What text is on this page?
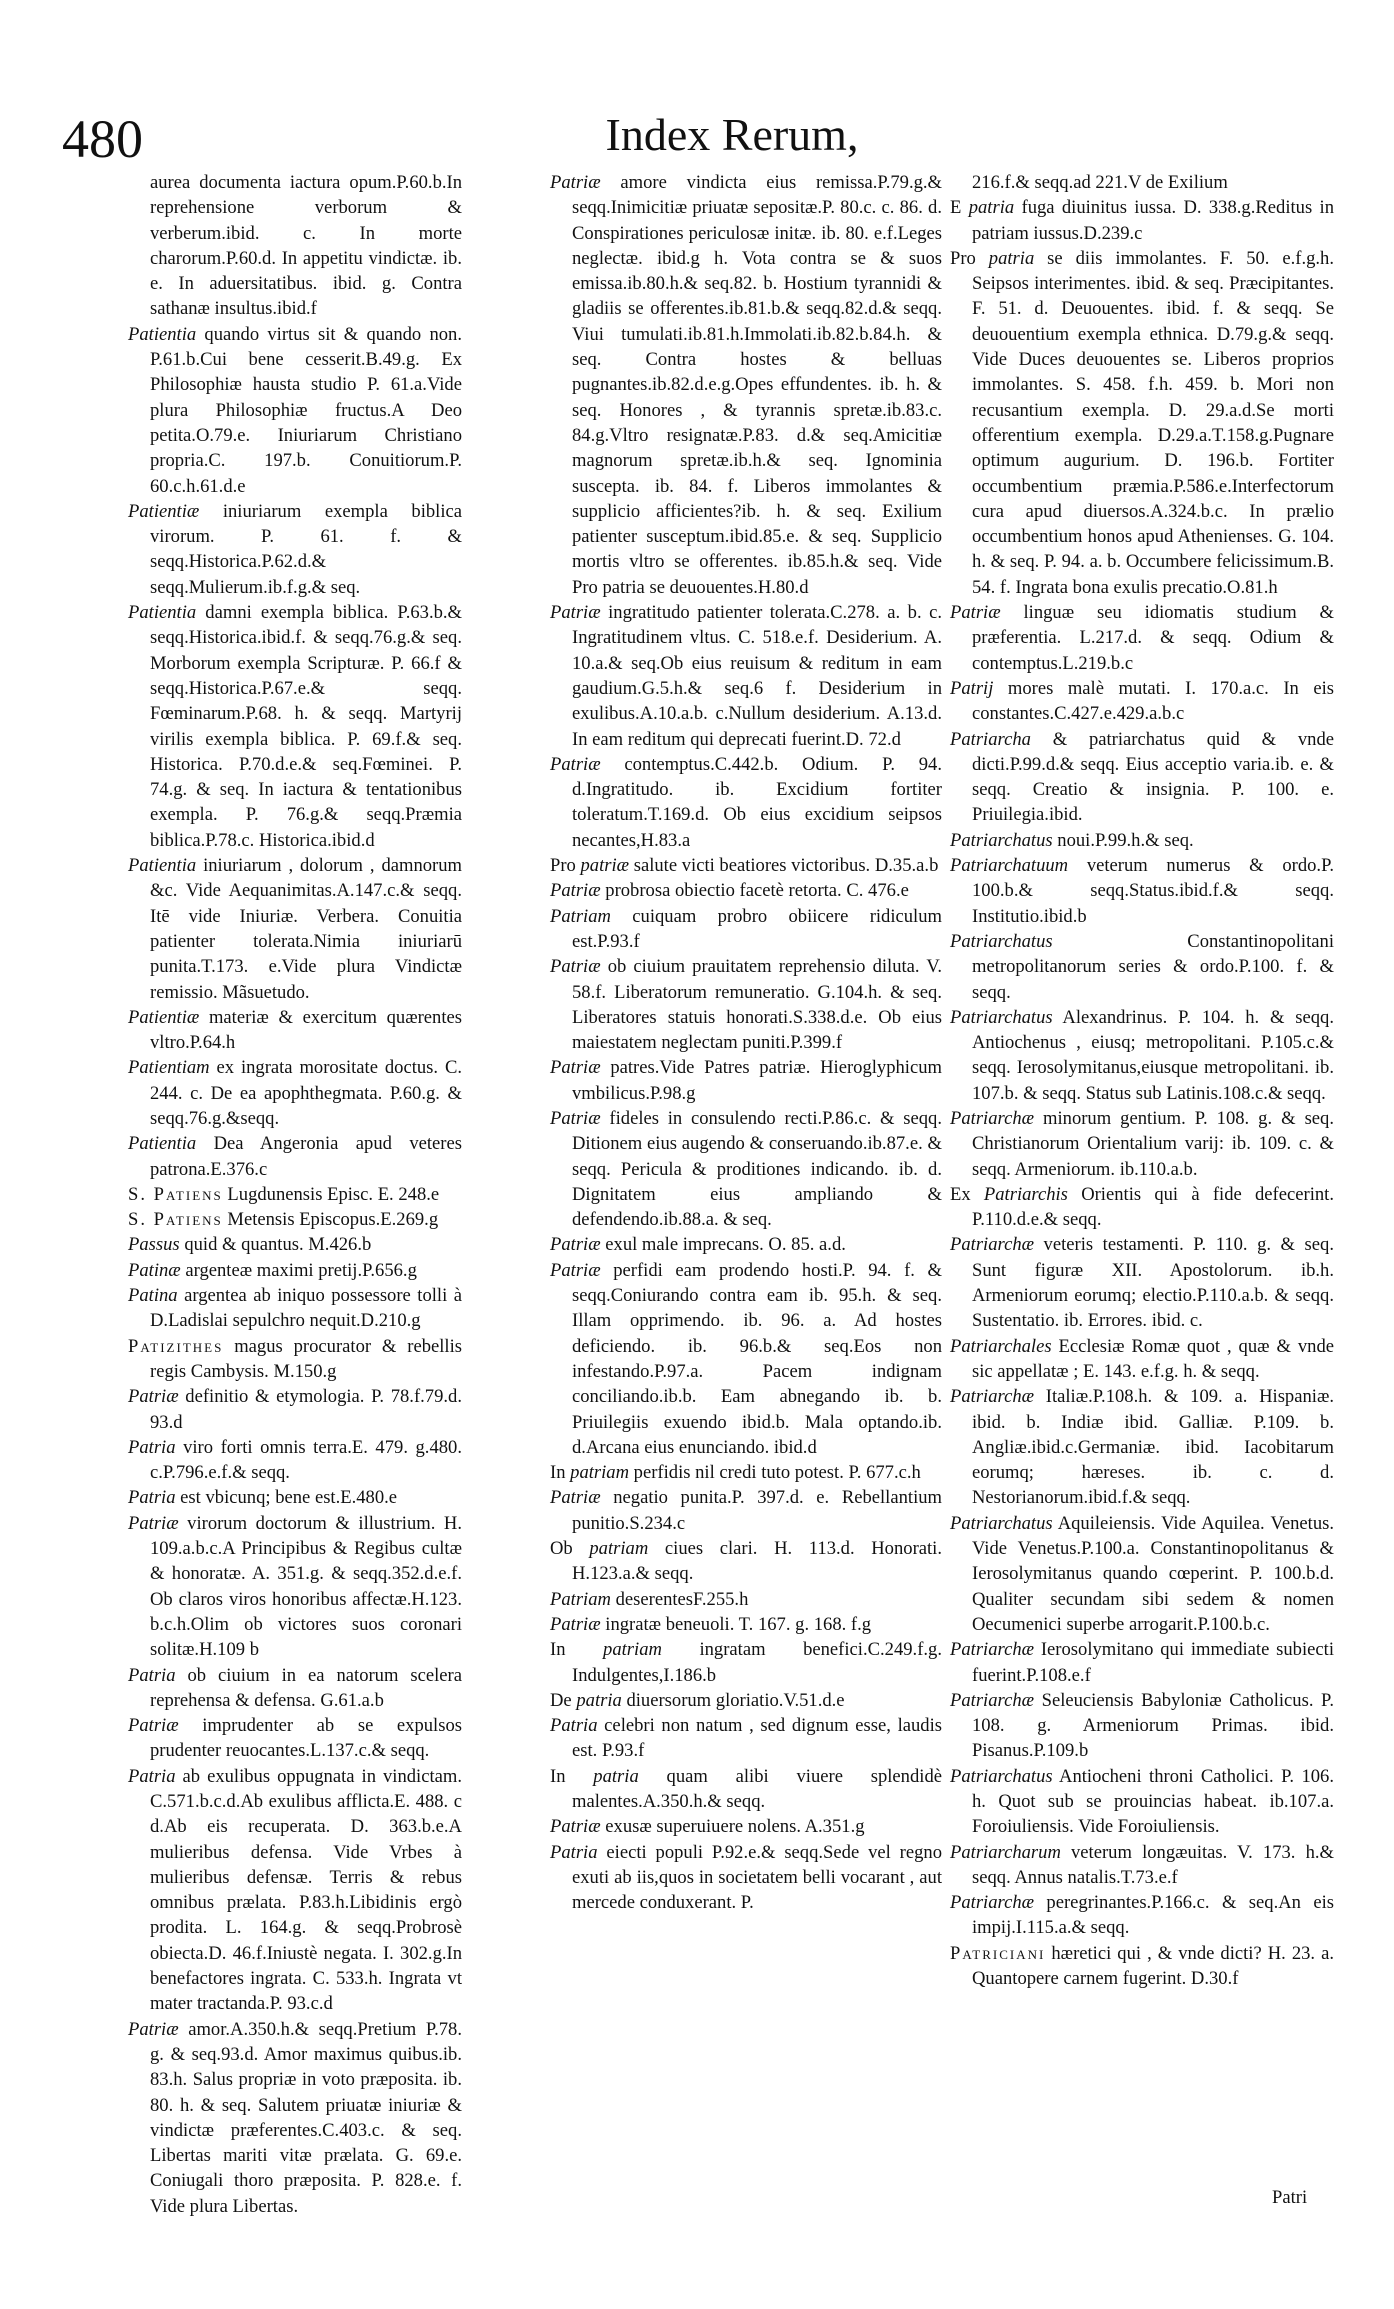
480	Index Rerum,

aurea documenta iactura opum.P.60.b.In reprehensione verborum & verberum.ibid. c. In morte charorum.P.60.d. In appetitu vindictæ. ib. e. In aduersitatibus. ibid. g. Contra sathanæ insultus.ibid.f

Patientia quando virtus sit & quando non. P.61.b.Cui bene cesserit.B.49.g. Ex Philosophiæ hausta studio P. 61.a.Vide plura Philosophiæ fructus.A Deo petita.O.79.e. Iniuriarum Christiano propria.C. 197.b. Conuitiorum.P. 60.c.h.61.d.e

Patientiæ iniuriarum exempla biblica virorum. P. 61. f. & seqq.Historica.P.62.d.& seqq.Mulierum.ib.f.g.& seq.

Patientia damni exempla biblica. P.63.b.& seqq.Historica.ibid.f. & seqq.76.g.& seq. Morborum exempla Scripturæ. P. 66.f & seqq.Historica.P.67.e.& seqq. Fœminarum.P.68. h. & seqq. Martyrij virilis exempla biblica. P. 69.f.& seq. Historica. P.70.d.e.& seq.Fœminei. P. 74.g. & seq. In iactura & tentationibus exempla. P. 76.g.& seqq.Præmia biblica.P.78.c. Historica.ibid.d

Patientia iniuriarum , dolorum , damnorum &c. Vide Aequanimitas.A.147.c.& seqq. Itē vide Iniuriæ. Verbera. Conuitia patienter tolerata.Nimia iniuriarū punita.T.173. e.Vide plura Vindictæ remissio. Mãsuetudo.

Patientiæ materiæ & exercitum quærentes vltro.P.64.h

Patientiam ex ingrata morositate doctus. C. 244. c. De ea apophthegmata. P.60.g. & seqq.76.g.&seqq.

Patientia Dea Angeronia apud veteres patrona.E.376.c

S. Patiens Lugdunensis Episc. E. 248.e

S. Patiens Metensis Episcopus.E.269.g

Passus quid & quantus. M.426.b

Patinæ argenteæ maximi pretij.P.656.g

Patina argentea ab iniquo possessore tolli à D.Ladislai sepulchro nequit.D.210.g

Patizithes magus procurator & rebellis regis Cambysis. M.150.g

Patriæ definitio & etymologia. P. 78.f.79.d. 93.d

Patria viro forti omnis terra.E. 479. g.480. c.P.796.e.f.& seqq.

Patria est vbicunq; bene est.E.480.e

Patriæ virorum doctorum & illustrium. H. 109.a.b.c.A Principibus & Regibus cultæ & honoratæ. A. 351.g. & seqq.352.d.e.f. Ob claros viros honoribus affectæ.H.123. b.c.h.Olim ob victores suos coronari solitæ.H.109 b

Patria ob ciuium in ea natorum scelera reprehensa & defensa. G.61.a.b

Patriæ imprudenter ab se expulsos prudenter reuocantes.L.137.c.& seqq.

Patria ab exulibus oppugnata in vindictam. C.571.b.c.d.Ab exulibus afflicta.E. 488. c d.Ab eis recuperata. D. 363.b.e.A mulieribus defensa. Vide Vrbes à mulieribus defensæ. Terris & rebus omnibus prælata. P.83.h.Libidinis ergò prodita. L. 164.g. & seqq.Probrosè obiecta.D. 46.f.Iniustè negata. I. 302.g.In benefactores ingrata. C. 533.h. Ingrata vt mater tractanda.P. 93.c.d

Patriæ amor.A.350.h.& seqq.Pretium P.78. g. & seq.93.d. Amor maximus quibus.ib. 83.h. Salus propriæ in voto præposita. ib. 80. h. & seq. Salutem priuatæ iniuriæ & vindictæ præferentes.C.403.c. & seq. Libertas mariti vitæ prælata. G. 69.e. Coniugali thoro præposita. P. 828.e. f. Vide plura Libertas.

Patriæ amore vindicta eius remissa.P.79.g.& seqq.Inimicitiæ priuatæ sepositæ.P. 80.c. c. 86. d. Conspirationes periculosæ initæ. ib. 80. e.f.Leges neglectæ. ibid.g h. Vota contra se & suos emissa.ib.80.h.& seq.82. b. Hostium tyrannidi & gladiis se offerentes.ib.81.b.& seqq.82.d.& seqq. Viui tumulati.ib.81.h.Immolati.ib.82.b.84.h. & seq. Contra hostes & belluas pugnantes.ib.82.d.e.g.Opes effundentes. ib. h. & seq. Honores , & tyrannis spretæ.ib.83.c. 84.g.Vltro resignatæ.P.83. d.& seq.Amicitiæ magnorum spretæ.ib.h.& seq. Ignominia suscepta. ib. 84. f. Liberos immolantes & supplicio afficientes?ib. h. & seq. Exilium patienter susceptum.ibid.85.e. & seq. Supplicio mortis vltro se offerentes. ib.85.h.& seq. Vide Pro patria se deuouentes.H.80.d

Patriæ ingratitudo patienter tolerata.C.278. a. b. c. Ingratitudinem vltus. C. 518.e.f. Desiderium. A. 10.a.& seq.Ob eius reuisum & reditum in eam gaudium.G.5.h.& seq.6 f. Desiderium in exulibus.A.10.a.b. c.Nullum desiderium. A.13.d. In eam reditum qui deprecati fuerint.D. 72.d

Patriæ contemptus.C.442.b. Odium. P. 94. d.Ingratitudo. ib. Excidium fortiter toleratum.T.169.d. Ob eius excidium seipsos necantes,H.83.a

Pro patriæ salute victi beatiores victoribus. D.35.a.b

Patriæ probrosa obiectio facetè retorta. C. 476.e

Patriam cuiquam probro obiicere ridiculum est.P.93.f

Patriæ ob ciuium prauitatem reprehensio diluta. V. 58.f. Liberatorum remuneratio. G.104.h. & seq. Liberatores statuis honorati.S.338.d.e. Ob eius maiestatem neglectam puniti.P.399.f

Patriæ patres.Vide Patres patriæ. Hieroglyphicum vmbilicus.P.98.g

Patriæ fideles in consulendo recti.P.86.c. & seqq. Ditionem eius augendo & conseruando.ib.87.e. & seqq. Pericula & proditiones indicando. ib. d. Dignitatem eius ampliando & defendendo.ib.88.a. & seq.

Patriæ exul male imprecans. O. 85. a.d.

Patriæ perfidi eam prodendo hosti.P. 94. f. & seqq.Coniurando contra eam ib. 95.h. & seq. Illam opprimendo. ib. 96. a. Ad hostes deficiendo. ib. 96.b.& seq.Eos non infestando.P.97.a. Pacem indignam conciliando.ib.b. Eam abnegando ib. b. Priuilegiis exuendo ibid.b. Mala optando.ib. d.Arcana eius enunciando. ibid.d

In patriam perfidis nil credi tuto potest. P. 677.c.h

Patriæ negatio punita.P. 397.d. e. Rebellantium punitio.S.234.c

Ob patriam ciues clari. H. 113.d. Honorati. H.123.a.& seqq.

Patriam deserentesF.255.h

Patriæ ingratæ beneuoli. T. 167. g. 168. f.g

In patriam ingratam benefici.C.249.f.g. Indulgentes,I.186.b

De patria diuersorum gloriatio.V.51.d.e

Patria celebri non natum , sed dignum esse, laudis est. P.93.f

In patria quam alibi viuere splendidè malentes.A.350.h.& seqq.

Patriæ exusæ superuiuere nolens. A.351.g

Patria eiecti populi P.92.e.& seqq.Sede vel regno exuti ab iis,quos in societatem belli vocarant , aut mercede conduxerant. P.

216.f.& seqq.ad 221.V de Exilium

E patria fuga diuinitus iussa. D. 338.g.Reditus in patriam iussus.D.239.c

Pro patria se diis immolantes. F. 50. e.f.g.h. Seipsos interimentes. ibid. & seq. Præcipitantes. F. 51. d. Deuouentes. ibid. f. & seqq. Se deuouentium exempla ethnica. D.79.g.& seqq. Vide Duces deuouentes se. Liberos proprios immolantes. S. 458. f.h. 459. b. Mori non recusantium exempla. D. 29.a.d.Se morti offerentium exempla. D.29.a.T.158.g.Pugnare optimum augurium. D. 196.b. Fortiter occumbentium præmia.P.586.e.Interfectorum cura apud diuersos.A.324.b.c. In prælio occumbentium honos apud Athenienses. G. 104. h. & seq. P. 94. a. b. Occumbere felicissimum.B. 54. f. Ingrata bona exulis precatio.O.81.h

Patriæ linguæ seu idiomatis studium & præferentia. L.217.d. & seqq. Odium & contemptus.L.219.b.c

Patrij mores malè mutati. I. 170.a.c. In eis constantes.C.427.e.429.a.b.c

Patriarcha & patriarchatus quid & vnde dicti.P.99.d.& seqq. Eius acceptio varia.ib. e. & seqq. Creatio & insignia. P. 100. e. Priuilegia.ibid.

Patriarchatus noui.P.99.h.& seq.

Patriarchatuum veterum numerus & ordo.P. 100.b.& seqq.Status.ibid.f.& seqq. Institutio.ibid.b

Patriarchatus Constantinopolitani metropolitanorum series & ordo.P.100. f. & seqq.

Patriarchatus Alexandrinus. P. 104. h. & seqq. Antiochenus , eiusq; metropolitani. P.105.c.& seqq. Ierosolymitanus,eiusque metropolitani. ib. 107.b. & seqq. Status sub Latinis.108.c.& seqq.

Patriarchæ minorum gentium. P. 108. g. & seq. Christianorum Orientalium varij: ib. 109. c. & seqq. Armeniorum. ib.110.a.b.

Ex Patriarchis Orientis qui à fide defecerint. P.110.d.e.& seqq.

Patriarchæ veteris testamenti. P. 110. g. & seq. Sunt figuræ XII. Apostolorum. ib.h. Armeniorum eorumq; electio.P.110.a.b. & seqq. Sustentatio. ib. Errores. ibid. c.

Patriarchales Ecclesiæ Romæ quot , quæ & vnde sic appellatæ ; E. 143. e.f.g. h. & seqq.

Patriarchæ Italiæ.P.108.h. & 109. a. Hispaniæ. ibid. b. Indiæ ibid. Galliæ. P.109. b. Angliæ.ibid.c.Germaniæ. ibid. Iacobitarum eorumq; hæreses. ib. c. d. Nestorianorum.ibid.f.& seqq.

Patriarchatus Aquileiensis. Vide Aquilea. Venetus. Vide Venetus.P.100.a. Constantinopolitanus & Ierosolymitanus quando cœperint. P. 100.b.d. Qualiter secundam sibi sedem & nomen Oecumenici superbe arrogarit.P.100.b.c.

Patriarchæ Ierosolymitano qui immediate subiecti fuerint.P.108.e.f

Patriarchæ Seleuciensis Babyloniæ Catholicus. P. 108. g. Armeniorum Primas. ibid. Pisanus.P.109.b

Patriarchatus Antiocheni throni Catholici. P. 106. h. Quot sub se prouincias habeat. ib.107.a. Foroiuliensis. Vide Foroiuliensis.

Patriarcharum veterum longæuitas. V. 173. h.& seqq. Annus natalis.T.73.e.f

Patriarchæ peregrinantes.P.166.c. & seq.An eis impij.I.115.a.& seqq.

Patriciani hæretici qui , & vnde dicti? H. 23. a. Quantopere carnem fugerint. D.30.f

Patri
